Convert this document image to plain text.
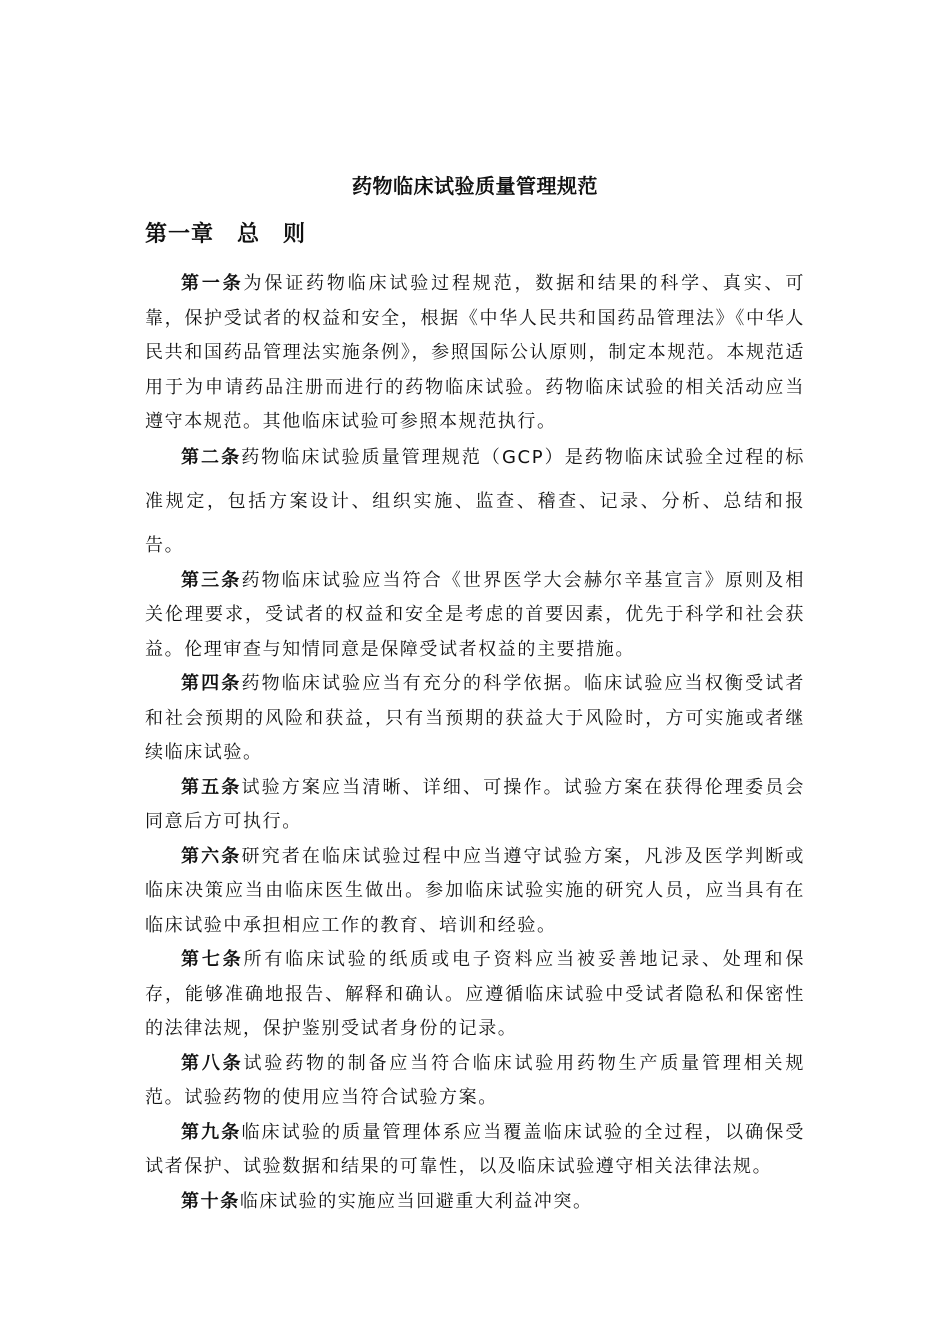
药物临床试验质量管理规范
第一章　总　则

第一条为保证药物临床试验过程规范，数据和结果的科学、真实、可靠，保护受试者的权益和安全，根据《中华人民共和国药品管理法》《中华人民共和国药品管理法实施条例》，参照国际公认原则，制定本规范。本规范适用于为申请药品注册而进行的药物临床试验。药物临床试验的相关活动应当遵守本规范。其他临床试验可参照本规范执行。

第二条药物临床试验质量管理规范（GCP）是药物临床试验全过程的标准规定，包括方案设计、组织实施、监查、稽查、记录、分析、总结和报告。

第三条药物临床试验应当符合《世界医学大会赫尔辛基宣言》原则及相关伦理要求，受试者的权益和安全是考虑的首要因素，优先于科学和社会获益。伦理审查与知情同意是保障受试者权益的主要措施。

第四条药物临床试验应当有充分的科学依据。临床试验应当权衡受试者和社会预期的风险和获益，只有当预期的获益大于风险时，方可实施或者继续临床试验。

第五条试验方案应当清晰、详细、可操作。试验方案在获得伦理委员会同意后方可执行。

第六条研究者在临床试验过程中应当遵守试验方案，凡涉及医学判断或临床决策应当由临床医生做出。参加临床试验实施的研究人员，应当具有在临床试验中承担相应工作的教育、培训和经验。

第七条所有临床试验的纸质或电子资料应当被妥善地记录、处理和保存，能够准确地报告、解释和确认。应遵循临床试验中受试者隐私和保密性的法律法规，保护鉴别受试者身份的记录。

第八条试验药物的制备应当符合临床试验用药物生产质量管理相关规范。试验药物的使用应当符合试验方案。

第九条临床试验的质量管理体系应当覆盖临床试验的全过程，以确保受试者保护、试验数据和结果的可靠性，以及临床试验遵守相关法律法规。

第十条临床试验的实施应当回避重大利益冲突。
